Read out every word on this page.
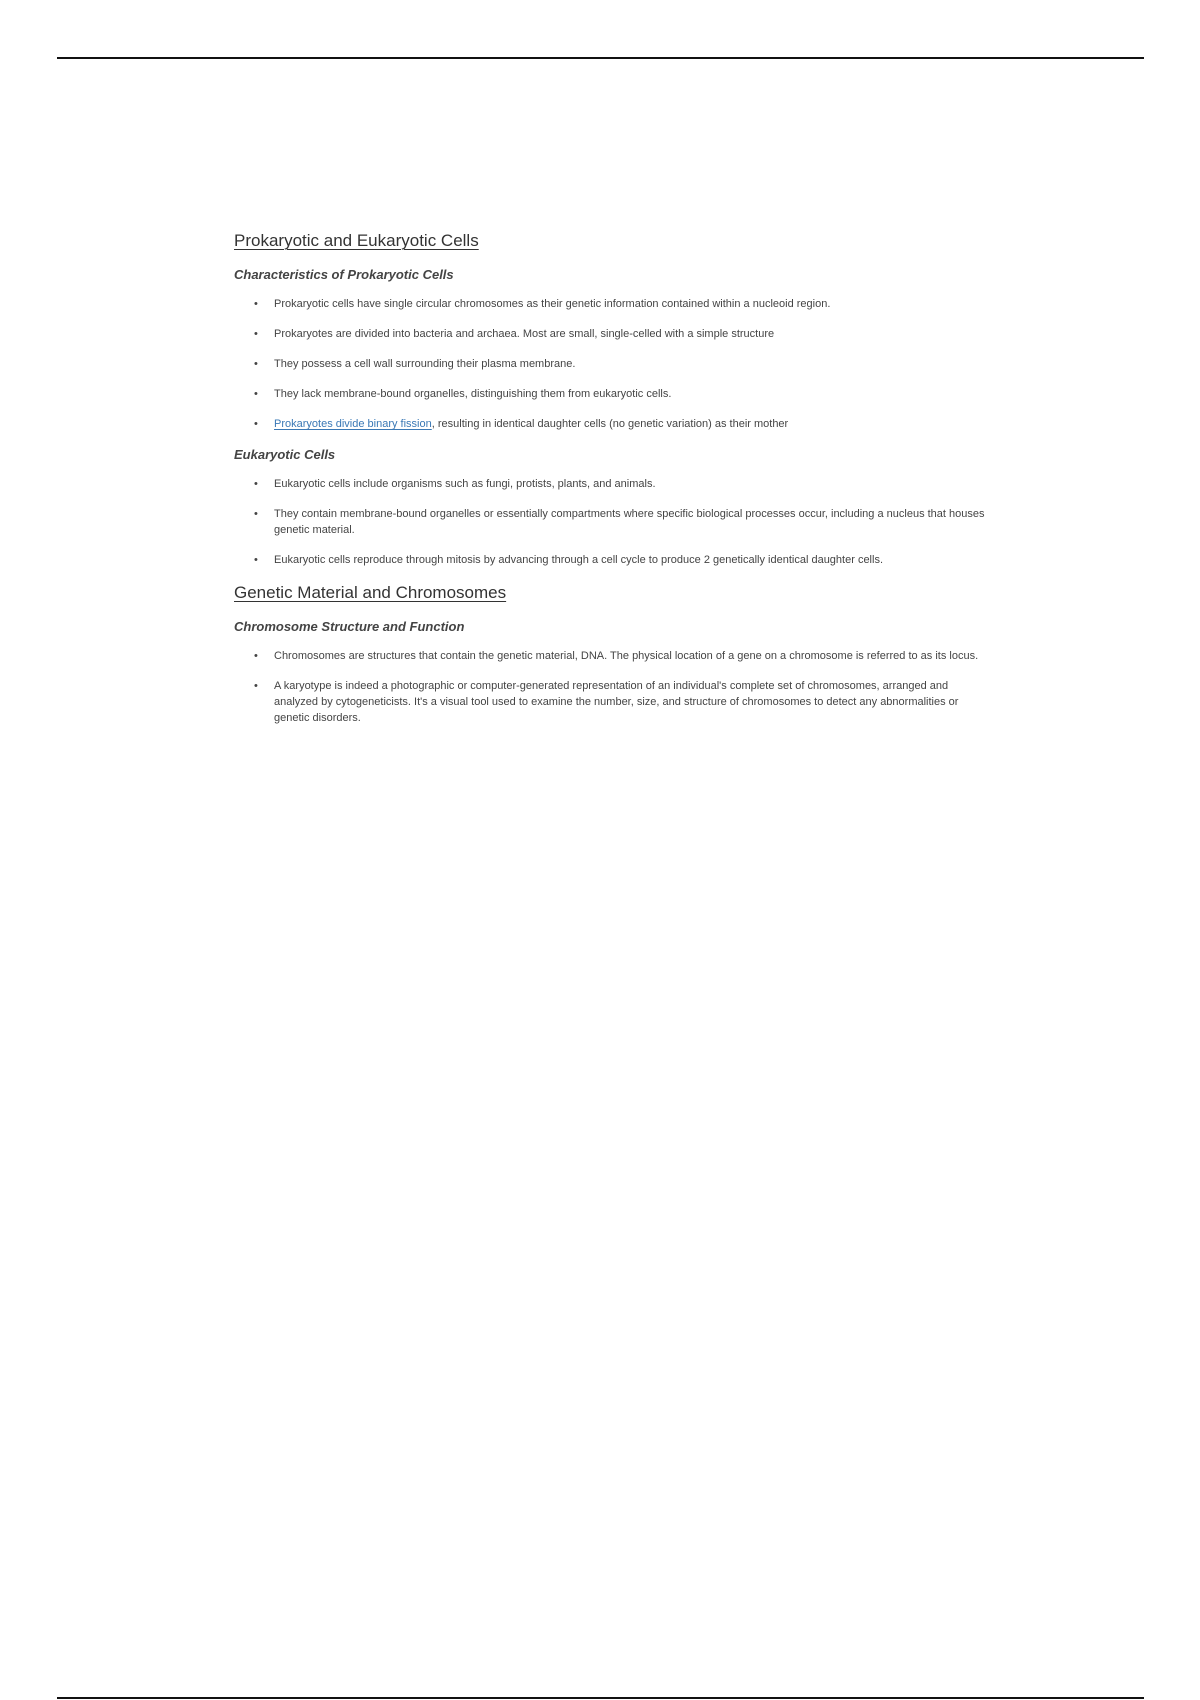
Prokaryotic and Eukaryotic Cells
Characteristics of Prokaryotic Cells
• Prokaryotic cells have single circular chromosomes as their genetic information contained within a nucleoid region.
• Prokaryotes are divided into bacteria and archaea. Most are small, single-celled with a simple structure
• They possess a cell wall surrounding their plasma membrane.
• They lack membrane-bound organelles, distinguishing them from eukaryotic cells.
• Prokaryotes divide binary fission, resulting in identical daughter cells (no genetic variation) as their mother
Eukaryotic Cells
• Eukaryotic cells include organisms such as fungi, protists, plants, and animals.
• They contain membrane-bound organelles or essentially compartments where specific biological processes occur, including a nucleus that houses genetic material.
• Eukaryotic cells reproduce through mitosis by advancing through a cell cycle to produce 2 genetically identical daughter cells.
Genetic Material and Chromosomes
Chromosome Structure and Function
• Chromosomes are structures that contain the genetic material, DNA. The physical location of a gene on a chromosome is referred to as its locus.
• A karyotype is indeed a photographic or computer-generated representation of an individual's complete set of chromosomes, arranged and analyzed by cytogeneticists. It's a visual tool used to examine the number, size, and structure of chromosomes to detect any abnormalities or genetic disorders.
